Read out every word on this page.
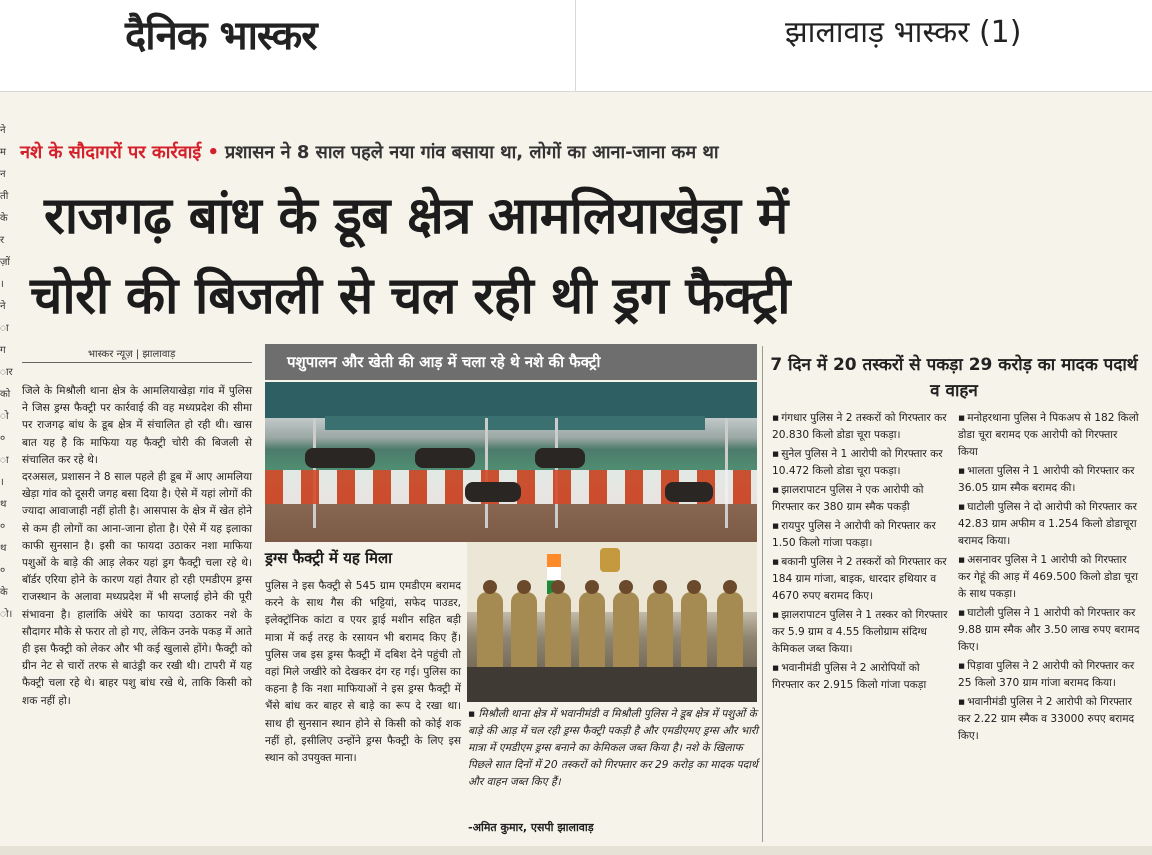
दैनिक भास्कर	झालावाड़ भास्कर (1)
ने
म
न
ती
के
र
ज़ों
।
ने
ा
ग
ार
को
ो
०
ा
।
थ
०
थ
०
के
ो।
नशे के सौदागरों पर कार्रवाई • प्रशासन ने 8 साल पहले नया गांव बसाया था, लोगों का आना-जाना कम था
राजगढ़ बांध के डूब क्षेत्र आमलियाखेड़ा में
चोरी की बिजली से चल रही थी ड्रग फैक्ट्री
भास्कर न्यूज़ | झालावाड़

जिले के मिश्रौली थाना क्षेत्र के आमलियाखेड़ा गांव में पुलिस ने जिस ड्रग्स फैक्ट्री पर कार्रवाई की वह मध्यप्रदेश की सीमा पर राजगढ़ बांध के डूब क्षेत्र में संचालित हो रही थी। खास बात यह है कि माफिया यह फैक्ट्री चोरी की बिजली से संचालित कर रहे थे।

दरअसल, प्रशासन ने 8 साल पहले ही डूब में आए आमलिया खेड़ा गांव को दूसरी जगह बसा दिया है। ऐसे में यहां लोगों की ज्यादा आवाजाही नहीं होती है। आसपास के क्षेत्र में खेत होने से कम ही लोगों का आना-जाना होता है। ऐसे में यह इलाका काफी सुनसान है। इसी का फायदा उठाकर नशा माफिया पशुओं के बाड़े की आड़ लेकर यहां ड्रग फैक्ट्री चला रहे थे। बॉर्डर एरिया होने के कारण यहां तैयार हो रही एमडीएम ड्रग्स राजस्थान के अलावा मध्यप्रदेश में भी सप्लाई होने की पूरी संभावना है। हालांकि अंधेरे का फायदा उठाकर नशे के सौदागर मौके से फरार तो हो गए, लेकिन उनके पकड़ में आते ही इस फैक्ट्री को लेकर और भी कई खुलासे होंगे। फैक्ट्री को ग्रीन नेट से चारों तरफ से बाउंड्री कर रखी थी। टापरी में यह फैक्ट्री चला रहे थे। बाहर पशु बांध रखे थे, ताकि किसी को शक नहीं हो।

पशुपालन और खेती की आड़ में चला रहे थे नशे की फैक्ट्री
ड्रग्स फैक्ट्री में यह मिला
पुलिस ने इस फैक्ट्री से 545 ग्राम एमडीएम बरामद करने के साथ गैस की भट्टियां, सफेद पाउडर, इलेक्ट्रॉनिक कांटा व एयर ड्राई मशीन सहित बड़ी मात्रा में कई तरह के रसायन भी बरामद किए हैं। पुलिस जब इस ड्रग्स फैक्ट्री में दबिश देने पहुंची तो वहां मिले जखीरे को देखकर दंग रह गई। पुलिस का कहना है कि नशा माफियाओं ने इस ड्रग्स फैक्ट्री में भैंसे बांध कर बाहर से बाड़े का रूप दे रखा था। साथ ही सुनसान स्थान होने से किसी को कोई शक नहीं हो, इसीलिए उन्होंने ड्रग्स फैक्ट्री के लिए इस स्थान को उपयुक्त माना।
▪ मिश्रौली थाना क्षेत्र में भवानीमंडी व मिश्रौली पुलिस ने डूब क्षेत्र में पशुओं के बाड़े की आड़ में चल रही ड्रग्स फैक्ट्री पकड़ी है और एमडीएमए ड्रग्स और भारी मात्रा में एमडीएम ड्रग्स बनाने का केमिकल जब्त किया है। नशे के खिलाफ पिछले सात दिनों में 20 तस्करों को गिरफ्तार कर 29 करोड़ का मादक पदार्थ और वाहन जब्त किए हैं।
-अमित कुमार, एसपी झालावाड़
7 दिन में 20 तस्करों से पकड़ा 29 करोड़ का मादक पदार्थ व वाहन
▪ गंगधार पुलिस ने 2 तस्करों को गिरफ्तार कर 20.830 किलो डोडा चूरा पकड़ा।
▪ सुनेल पुलिस ने 1 आरोपी को गिरफ्तार कर 10.472 किलो डोडा चूरा पकड़ा।
▪ झालरापाटन पुलिस ने एक आरोपी को गिरफ्तार कर 380 ग्राम स्मैक पकड़ी
▪ रायपुर पुलिस ने आरोपी को गिरफ्तार कर 1.50 किलो गांजा पकड़ा।
▪ बकानी पुलिस ने 2 तस्करों को गिरफ्तार कर 184 ग्राम गांजा, बाइक, धारदार हथियार व 4670 रुपए बरामद किए।
▪ झालरापाटन पुलिस ने 1 तस्कर को गिरफ्तार कर 5.9 ग्राम व 4.55 किलोग्राम संदिग्ध केमिकल जब्त किया।
▪ भवानीमंडी पुलिस ने 2 आरोपियों को गिरफ्तार कर 2.915 किलो गांजा पकड़ा
▪ मनोहरथाना पुलिस ने पिकअप से 182 किलो डोडा चूरा बरामद एक आरोपी को गिरफ्तार किया
▪ भालता पुलिस ने 1 आरोपी को गिरफ्तार कर 36.05 ग्राम स्मैक बरामद की।
▪ घाटोली पुलिस ने दो आरोपी को गिरफ्तार कर 42.83 ग्राम अफीम व 1.254 किलो डोडाचूरा बरामद किया।
▪ असनावर पुलिस ने 1 आरोपी को गिरफ्तार कर गेहूं की आड़ में 469.500 किलो डोडा चूरा के साथ पकड़ा।
▪ घाटोली पुलिस ने 1 आरोपी को गिरफ्तार कर 9.88 ग्राम स्मैक और 3.50 लाख रुपए बरामद किए।
▪ पिड़ावा पुलिस ने 2 आरोपी को गिरफ्तार कर 25 किलो 370 ग्राम गांजा बरामद किया।
▪ भवानीमंडी पुलिस ने 2 आरोपी को गिरफ्तार कर 2.22 ग्राम स्मैक व 33000 रुपए बरामद किए।
